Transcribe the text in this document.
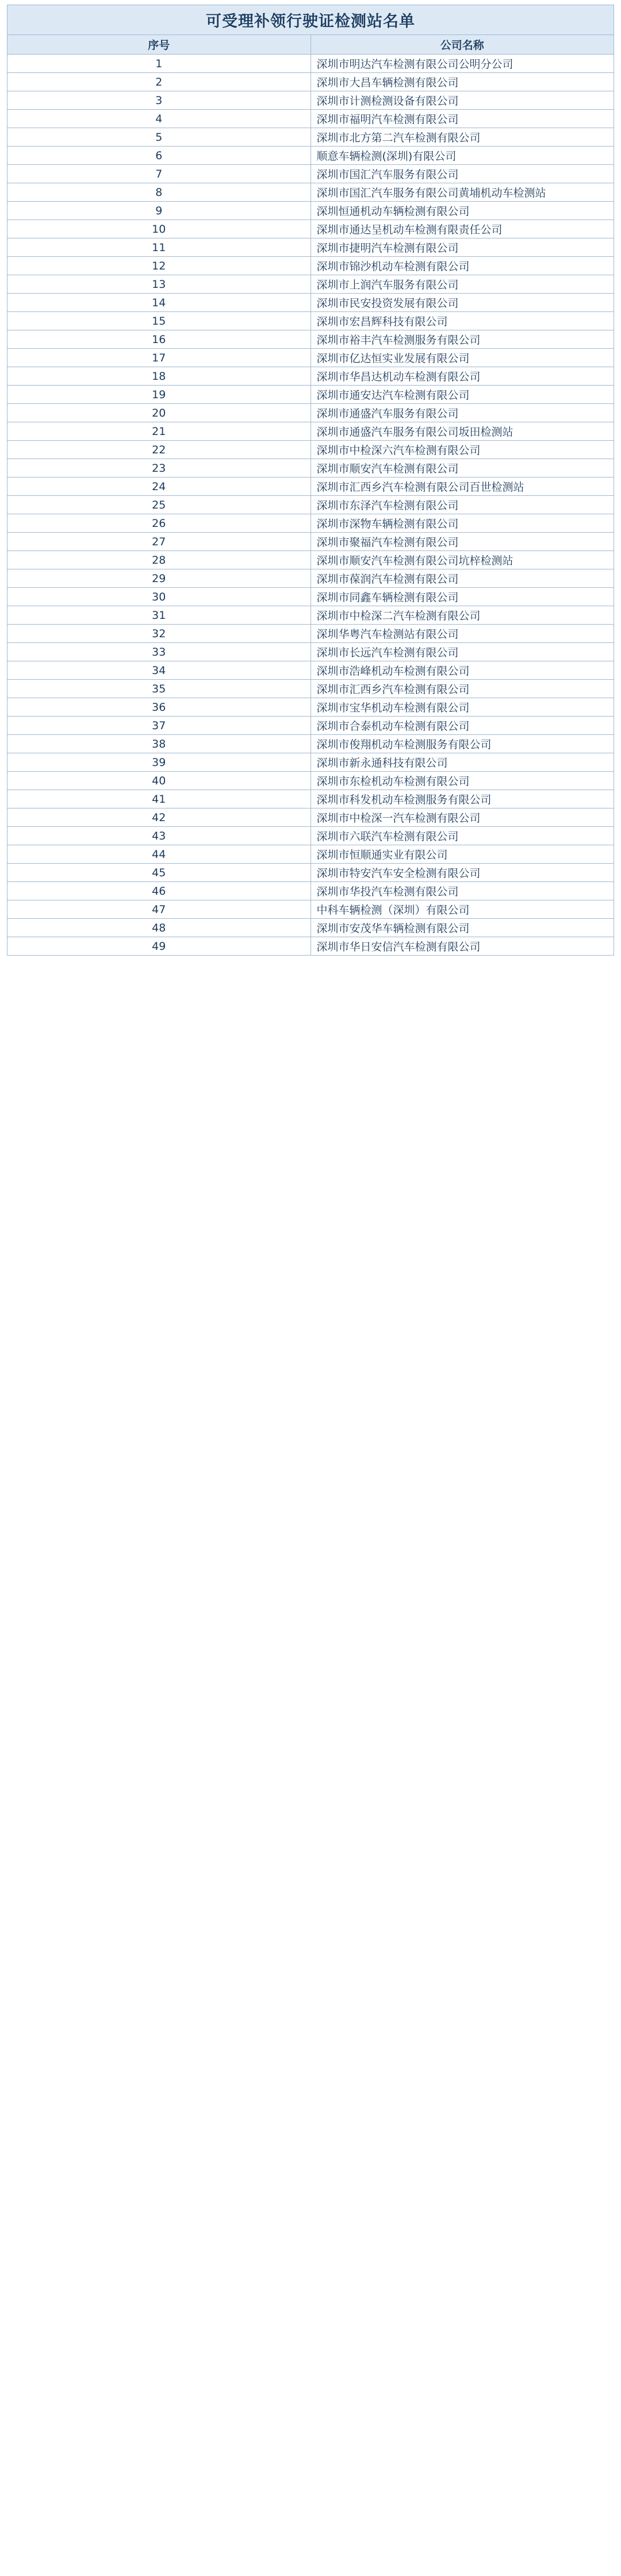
可受理补领行驶证检测站名单	
序号	公司名称
1	深圳市明达汽车检测有限公司公明分公司
2	深圳市大昌车辆检测有限公司
3	深圳市计测检测设备有限公司
4	深圳市福明汽车检测有限公司
5	深圳市北方第二汽车检测有限公司
6	顺意车辆检测(深圳)有限公司
7	深圳市国汇汽车服务有限公司
8	深圳市国汇汽车服务有限公司黄埔机动车检测站
9	深圳恒通机动车辆检测有限公司
10	深圳市通达呈机动车检测有限责任公司
11	深圳市捷明汽车检测有限公司
12	深圳市锦沙机动车检测有限公司
13	深圳市上润汽车服务有限公司
14	深圳市民安投资发展有限公司
15	深圳市宏昌辉科技有限公司
16	深圳市裕丰汽车检测服务有限公司
17	深圳市亿达恒实业发展有限公司
18	深圳市华昌达机动车检测有限公司
19	深圳市通安达汽车检测有限公司
20	深圳市通盛汽车服务有限公司
21	深圳市通盛汽车服务有限公司坂田检测站
22	深圳市中检深六汽车检测有限公司
23	深圳市顺安汽车检测有限公司
24	深圳市汇西乡汽车检测有限公司百世检测站
25	深圳市东泽汽车检测有限公司
26	深圳市深物车辆检测有限公司
27	深圳市聚福汽车检测有限公司
28	深圳市顺安汽车检测有限公司坑梓检测站
29	深圳市葆润汽车检测有限公司
30	深圳市同鑫车辆检测有限公司
31	深圳市中检深二汽车检测有限公司
32	深圳华粤汽车检测站有限公司
33	深圳市长远汽车检测有限公司
34	深圳市浩峰机动车检测有限公司
35	深圳市汇西乡汽车检测有限公司
36	深圳市宝华机动车检测有限公司
37	深圳市合泰机动车检测有限公司
38	深圳市俊翔机动车检测服务有限公司
39	深圳市新永通科技有限公司
40	深圳市东检机动车检测有限公司
41	深圳市科发机动车检测服务有限公司
42	深圳市中检深一汽车检测有限公司
43	深圳市六联汽车检测有限公司
44	深圳市恒顺通实业有限公司
45	深圳市特安汽车安全检测有限公司
46	深圳市华投汽车检测有限公司
47	中科车辆检测（深圳）有限公司
48	深圳市安茂华车辆检测有限公司
49	深圳市华日安信汽车检测有限公司
